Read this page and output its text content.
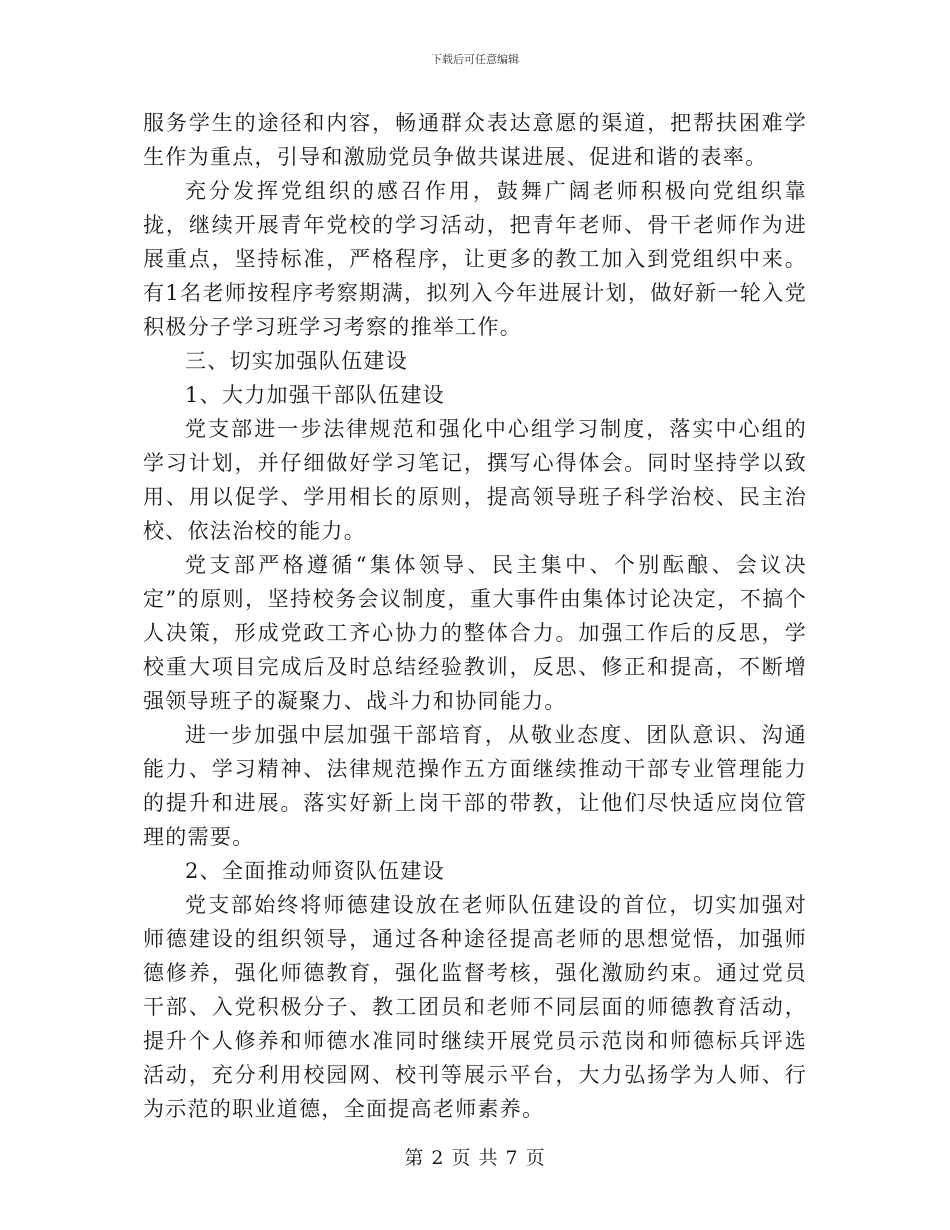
下载后可任意编辑

服务学生的途径和内容，畅通群众表达意愿的渠道，把帮扶困难学生作为重点，引导和激励党员争做共谋进展、促进和谐的表率。

充分发挥党组织的感召作用，鼓舞广阔老师积极向党组织靠拢，继续开展青年党校的学习活动，把青年老师、骨干老师作为进展重点，坚持标准，严格程序，让更多的教工加入到党组织中来。有1名老师按程序考察期满，拟列入今年进展计划，做好新一轮入党积极分子学习班学习考察的推举工作。

三、切实加强队伍建设

1、大力加强干部队伍建设

党支部进一步法律规范和强化中心组学习制度，落实中心组的学习计划，并仔细做好学习笔记，撰写心得体会。同时坚持学以致用、用以促学、学用相长的原则，提高领导班子科学治校、民主治校、依法治校的能力。

党支部严格遵循“集体领导、民主集中、个别酝酿、会议决定”的原则，坚持校务会议制度，重大事件由集体讨论决定，不搞个人决策，形成党政工齐心协力的整体合力。加强工作后的反思，学校重大项目完成后及时总结经验教训，反思、修正和提高，不断增强领导班子的凝聚力、战斗力和协同能力。

进一步加强中层加强干部培育，从敬业态度、团队意识、沟通能力、学习精神、法律规范操作五方面继续推动干部专业管理能力的提升和进展。落实好新上岗干部的带教，让他们尽快适应岗位管理的需要。

2、全面推动师资队伍建设

党支部始终将师德建设放在老师队伍建设的首位，切实加强对师德建设的组织领导，通过各种途径提高老师的思想觉悟，加强师德修养，强化师德教育，强化监督考核，强化激励约束。通过党员干部、入党积极分子、教工团员和老师不同层面的师德教育活动，提升个人修养和师德水准同时继续开展党员示范岗和师德标兵评选活动，充分利用校园网、校刊等展示平台，大力弘扬学为人师、行为示范的职业道德，全面提高老师素养。

第 2 页 共 7 页
